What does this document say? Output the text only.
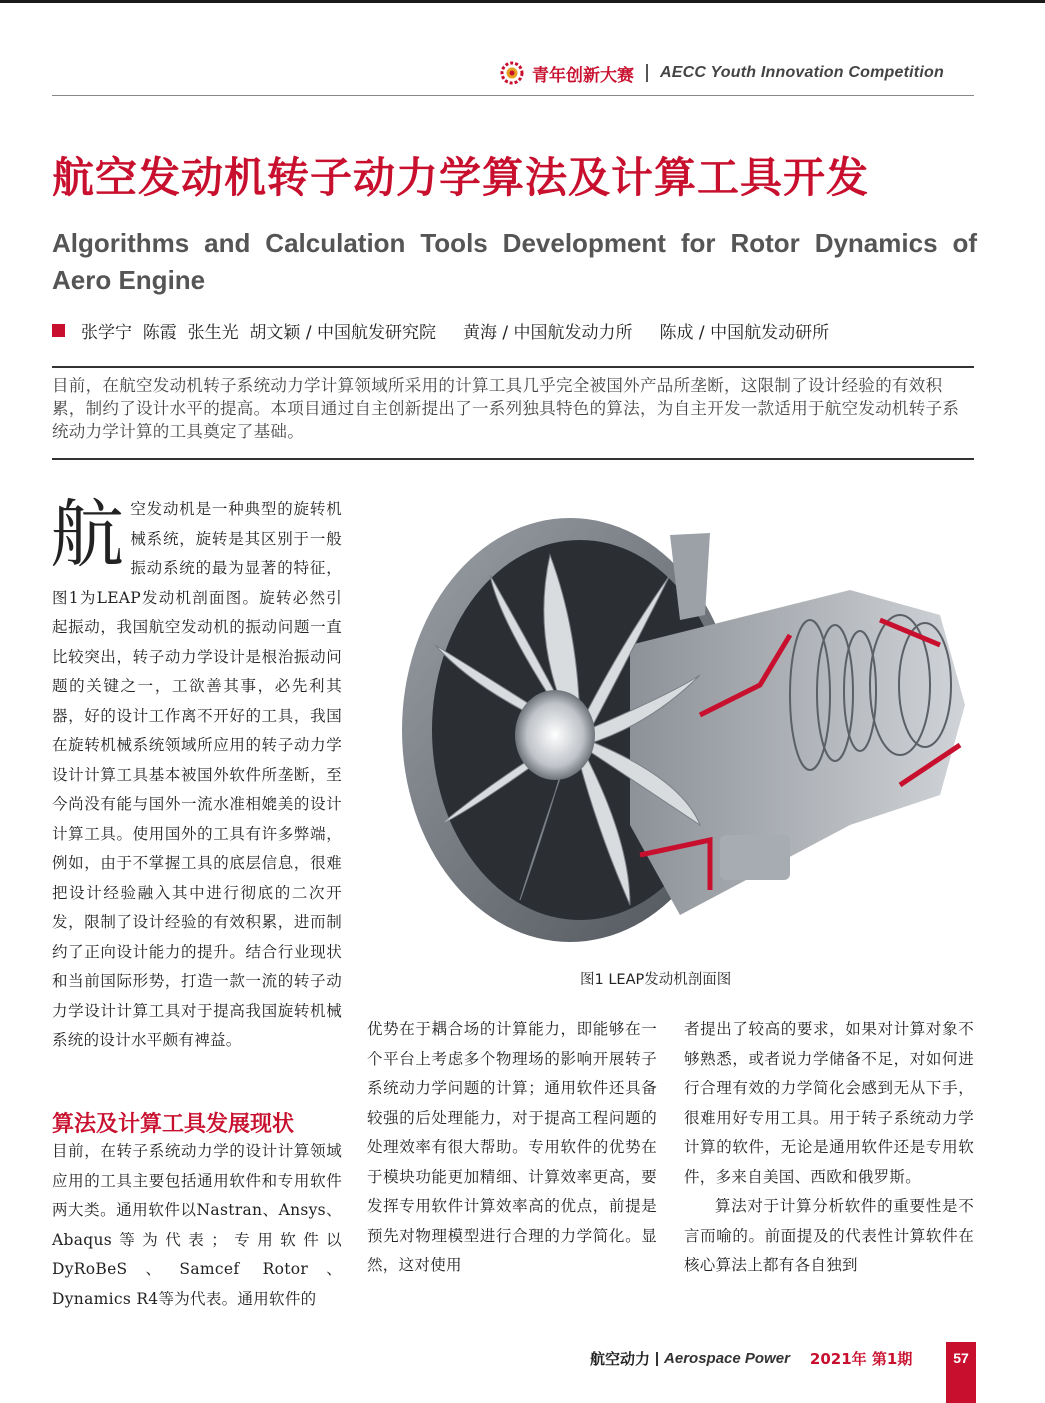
青年创新大赛 AECC Youth Innovation Competition
航空发动机转子动力学算法及计算工具开发
Algorithms and Calculation Tools Development for Rotor Dynamics of Aero Engine
张学宁  陈霞  张生光  胡文颖 / 中国航发研究院     黄海 / 中国航发动力所     陈成 / 中国航发动研所
目前，在航空发动机转子系统动力学计算领域所采用的计算工具几乎完全被国外产品所垄断，这限制了设计经验的有效积累，制约了设计水平的提高。本项目通过自主创新提出了一系列独具特色的算法，为自主开发一款适用于航空发动机转子系统动力学计算的工具奠定了基础。
航 空发动机是一种典型的旋转机械系统，旋转是其区别于一般振动系统的最为显著的特征，图1为LEAP发动机剖面图。旋转必然引起振动，我国航空发动机的振动问题一直比较突出，转子动力学设计是根治振动问题的关键之一，工欲善其事，必先利其器，好的设计工作离不开好的工具，我国在旋转机械系统领域所应用的转子动力学设计计算工具基本被国外软件所垄断，至今尚没有能与国外一流水准相媲美的设计计算工具。使用国外的工具有许多弊端，例如，由于不掌握工具的底层信息，很难把设计经验融入其中进行彻底的二次开发，限制了设计经验的有效积累，进而制约了正向设计能力的提升。结合行业现状和当前国际形势，打造一款一流的转子动力学设计计算工具对于提高我国旋转机械系统的设计水平颇有裨益。
算法及计算工具发展现状
目前，在转子系统动力学的设计计算领域应用的工具主要包括通用软件和专用软件两大类。通用软件以Nastran、Ansys、Abaqus等为代表；专用软件以DyRoBeS、Samcef Rotor、Dynamics R4等为代表。通用软件的
优势在于耦合场的计算能力，即能够在一个平台上考虑多个物理场的影响开展转子系统动力学问题的计算；通用软件还具备较强的后处理能力，对于提高工程问题的处理效率有很大帮助。专用软件的优势在于模块功能更加精细、计算效率更高，要发挥专用软件计算效率高的优点，前提是预先对物理模型进行合理的力学简化。显然，这对使用
者提出了较高的要求，如果对计算对象不够熟悉，或者说力学储备不足，对如何进行合理有效的力学简化会感到无从下手，很难用好专用工具。用于转子系统动力学计算的软件，无论是通用软件还是专用软件，多来自美国、西欧和俄罗斯。
算法对于计算分析软件的重要性是不言而喻的。前面提及的代表性计算软件在核心算法上都有各自独到
图1 LEAP发动机剖面图
航空动力 Aerospace Power 2021年 第1期	57
